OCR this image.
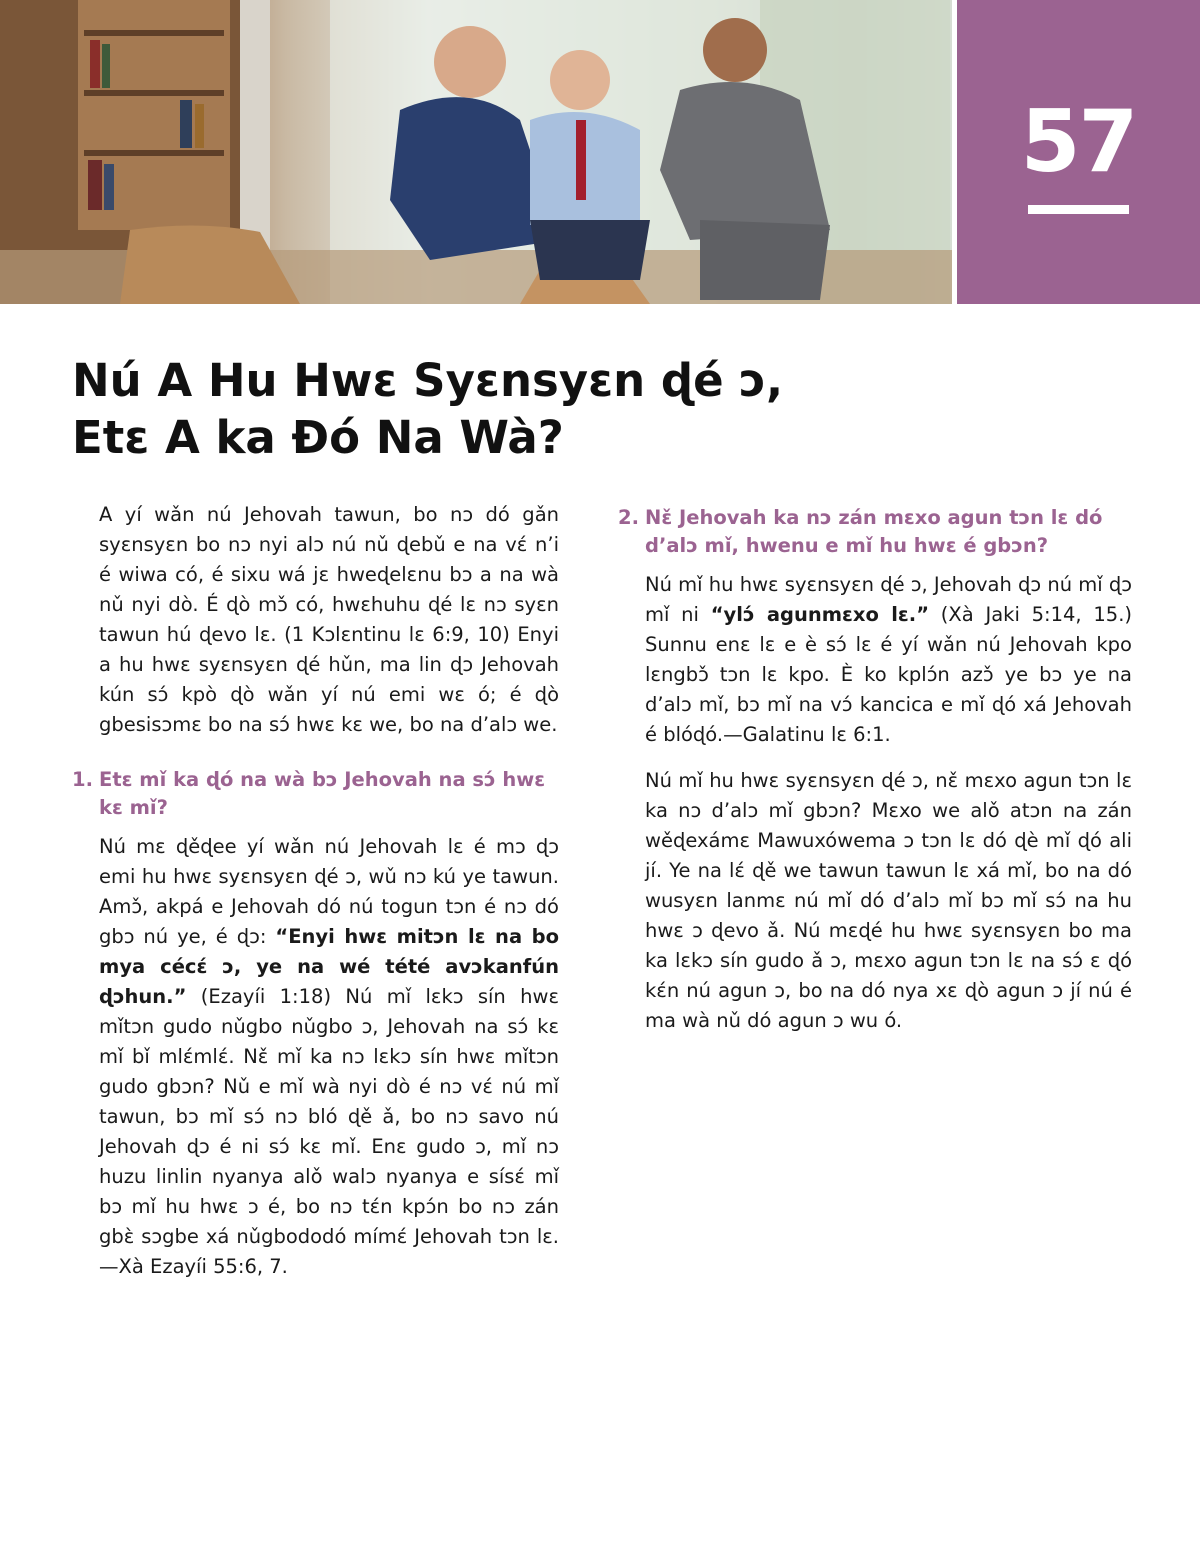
57
Nú A Hu Hwɛ Syɛnsyɛn ɖé ɔ,
Etɛ A ka Ðó Na Wà?

A yí wǎn nú Jehovah tawun, bo nɔ dó gǎn syɛnsyɛn bo nɔ nyi alɔ nú nǔ ɖebǔ e na vɛ́ n’i é wiwa có, é sixu wá jɛ hweɖelɛnu bɔ a na wà nǔ nyi dò. É ɖò mɔ̌ có, hwɛhuhu ɖé lɛ nɔ syɛn tawun hú ɖevo lɛ. (1 Kɔlɛntinu lɛ 6:9, 10) Enyi a hu hwɛ syɛnsyɛn ɖé hǔn, ma lin ɖɔ Jehovah kún sɔ́ kpò ɖò wǎn yí nú emi wɛ ó; é ɖò gbesisɔmɛ bo na sɔ́ hwɛ kɛ we, bo na d’alɔ we.

1. Etɛ mǐ ka ɖó na wà bɔ Jehovah na sɔ́ hwɛ kɛ mǐ?

Nú mɛ ɖěɖee yí wǎn nú Jehovah lɛ é mɔ ɖɔ emi hu hwɛ syɛnsyɛn ɖé ɔ, wǔ nɔ kú ye tawun. Amɔ̌, akpá e Jehovah dó nú togun tɔn é nɔ dó gbɔ nú ye, é ɖɔ: “Enyi hwɛ mitɔn lɛ na bo mya cécɛ́ ɔ, ye na wé tété avɔkanfún ɖɔhun.” (Ezayíi 1:18) Nú mǐ lɛkɔ sín hwɛ mǐtɔn gudo nǔgbo nǔgbo ɔ, Jehovah na sɔ́ kɛ mǐ bǐ mlɛ́mlɛ́. Nɛ̌ mǐ ka nɔ lɛkɔ sín hwɛ mǐtɔn gudo gbɔn? Nǔ e mǐ wà nyi dò é nɔ vɛ́ nú mǐ tawun, bɔ mǐ sɔ́ nɔ bló ɖě ǎ, bo nɔ savo nú Jehovah ɖɔ é ni sɔ́ kɛ mǐ. Enɛ gudo ɔ, mǐ nɔ huzu linlin nyanya alǒ walɔ nyanya e sísɛ́ mǐ bɔ mǐ hu hwɛ ɔ é, bo nɔ tɛ́n kpɔ́n bo nɔ zán gbɛ̀ sɔgbe xá nǔgbododó mímɛ́ Jehovah tɔn lɛ.—Xà Ezayíi 55:6, 7.

2. Nɛ̌ Jehovah ka nɔ zán mɛxo agun tɔn lɛ dó d’alɔ mǐ, hwenu e mǐ hu hwɛ é gbɔn?

Nú mǐ hu hwɛ syɛnsyɛn ɖé ɔ, Jehovah ɖɔ nú mǐ ɖɔ mǐ ni “ylɔ́ agunmɛxo lɛ.” (Xà Jaki 5:14, 15.) Sunnu enɛ lɛ e è sɔ́ lɛ é yí wǎn nú Jehovah kpo lɛngbɔ̌ tɔn lɛ kpo. È ko kplɔ́n azɔ̌ ye bɔ ye na d’alɔ mǐ, bɔ mǐ na vɔ́ kancica e mǐ ɖó xá Jehovah é blóɖó.—Galatinu lɛ 6:1.

Nú mǐ hu hwɛ syɛnsyɛn ɖé ɔ, nɛ̌ mɛxo agun tɔn lɛ ka nɔ d’alɔ mǐ gbɔn? Mɛxo we alǒ atɔn na zán wěɖexámɛ Mawuxówema ɔ tɔn lɛ dó ɖè mǐ ɖó ali jí. Ye na lɛ́ ɖě we tawun tawun lɛ xá mǐ, bo na dó wusyɛn lanmɛ nú mǐ dó d’alɔ mǐ bɔ mǐ sɔ́ na hu hwɛ ɔ ɖevo ǎ. Nú mɛɖé hu hwɛ syɛnsyɛn bo ma ka lɛkɔ sín gudo ǎ ɔ, mɛxo agun tɔn lɛ na sɔ́ ɛ ɖó kɛ́n nú agun ɔ, bo na dó nya xɛ ɖò agun ɔ jí nú é ma wà nǔ dó agun ɔ wu ó.
